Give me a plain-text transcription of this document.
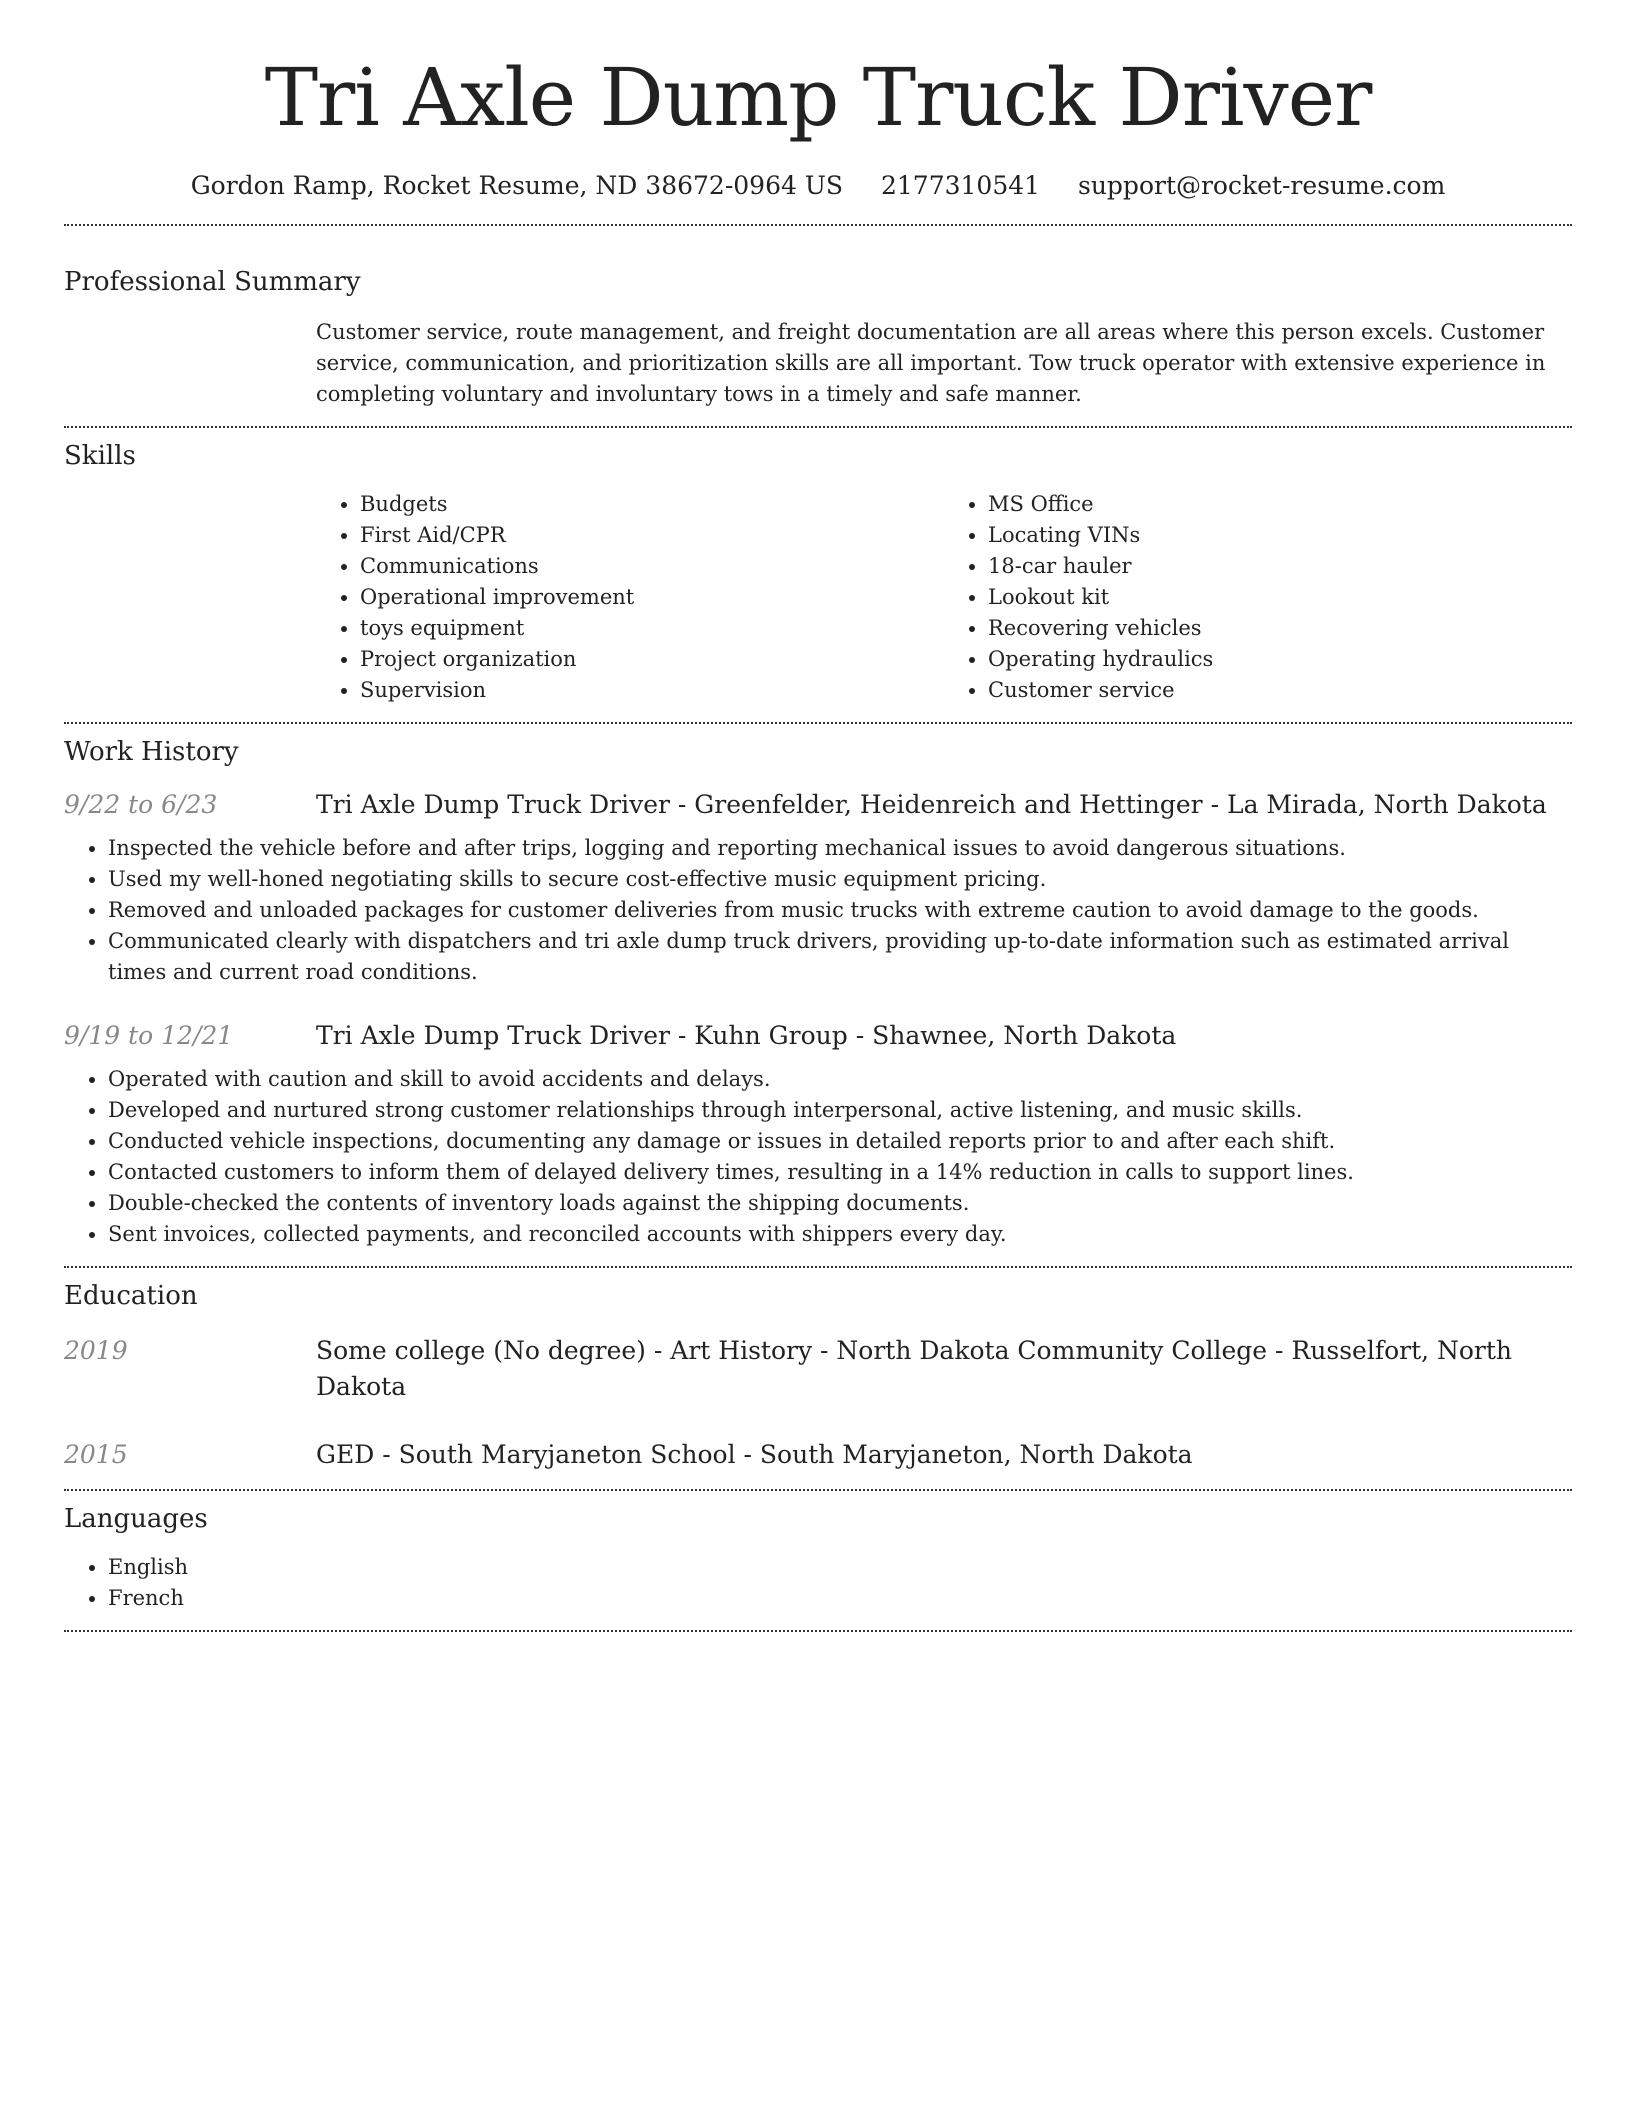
Tri Axle Dump Truck Driver
Gordon Ramp, Rocket Resume, ND 38672-0964 US 2177310541 support@rocket-resume.com
Professional Summary
Customer service, route management, and freight documentation are all areas where this person excels. Customer service, communication, and prioritization skills are all important. Tow truck operator with extensive experience in completing voluntary and involuntary tows in a timely and safe manner.
Skills
• Budgets
• First Aid/CPR
• Communications
• Operational improvement
• toys equipment
• Project organization
• Supervision
• MS Office
• Locating VINs
• 18-car hauler
• Lookout kit
• Recovering vehicles
• Operating hydraulics
• Customer service
Work History
9/22 to 6/23	Tri Axle Dump Truck Driver - Greenfelder, Heidenreich and Hettinger - La Mirada, North Dakota
• Inspected the vehicle before and after trips, logging and reporting mechanical issues to avoid dangerous situations.
• Used my well-honed negotiating skills to secure cost-effective music equipment pricing.
• Removed and unloaded packages for customer deliveries from music trucks with extreme caution to avoid damage to the goods.
• Communicated clearly with dispatchers and tri axle dump truck drivers, providing up-to-date information such as estimated arrival times and current road conditions.
9/19 to 12/21	Tri Axle Dump Truck Driver - Kuhn Group - Shawnee, North Dakota
• Operated with caution and skill to avoid accidents and delays.
• Developed and nurtured strong customer relationships through interpersonal, active listening, and music skills.
• Conducted vehicle inspections, documenting any damage or issues in detailed reports prior to and after each shift.
• Contacted customers to inform them of delayed delivery times, resulting in a 14% reduction in calls to support lines.
• Double-checked the contents of inventory loads against the shipping documents.
• Sent invoices, collected payments, and reconciled accounts with shippers every day.
Education
2019	Some college (No degree) - Art History - North Dakota Community College - Russelfort, North Dakota
2015	GED - South Maryjaneton School - South Maryjaneton, North Dakota
Languages
• English
• French
